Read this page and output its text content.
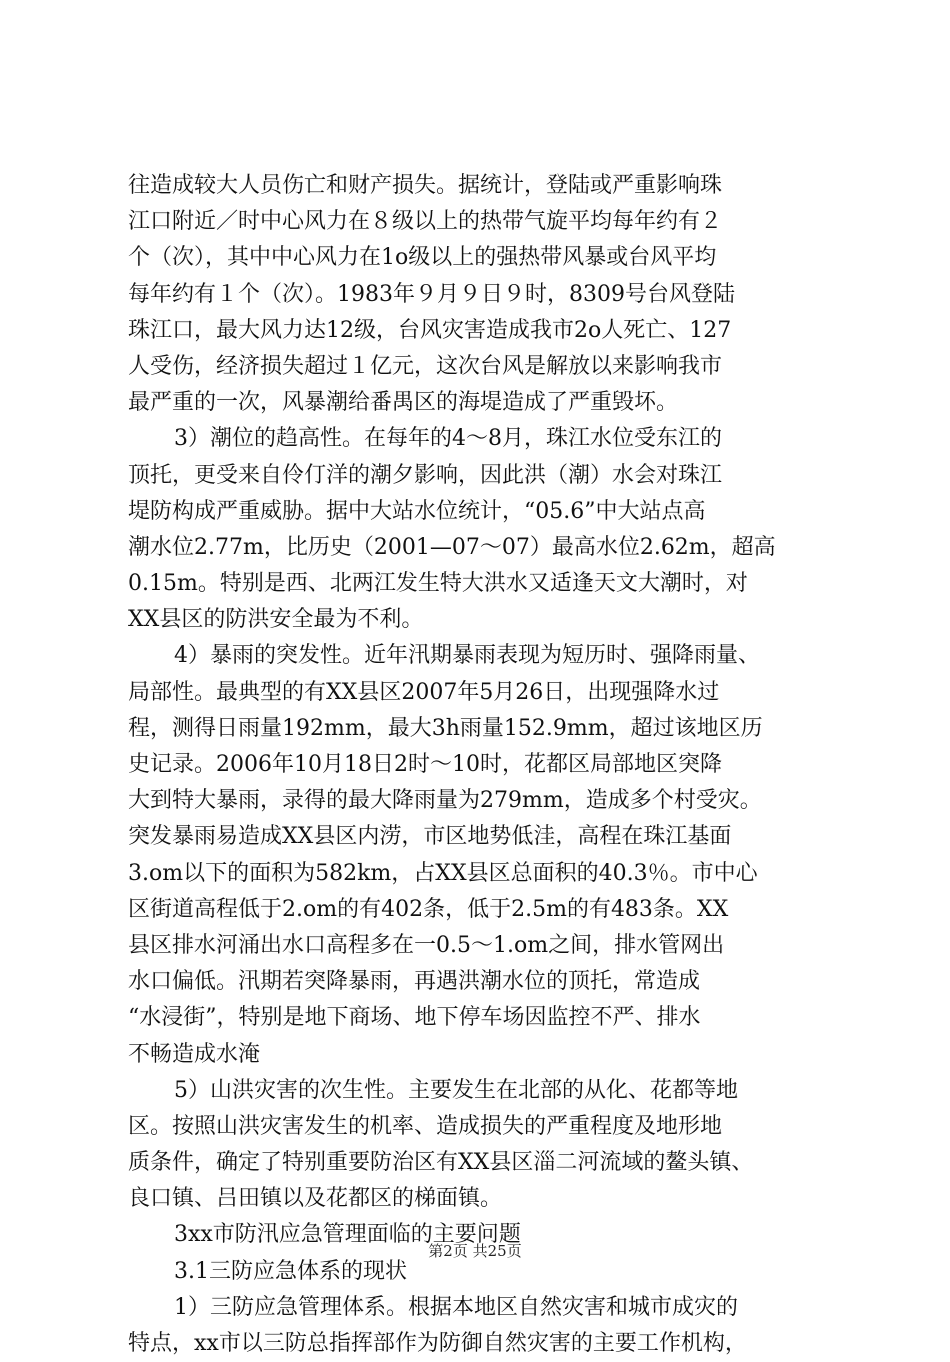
往造成较大人员伤亡和财产损失。据统计，登陆或严重影响珠
江口附近／时中心风力在８级以上的热带气旋平均每年约有２
个（次），其中中心风力在1o级以上的强热带风暴或台风平均
每年约有１个（次）。1983年９月９日９时，8309号台风登陆
珠江口，最大风力达12级，台风灾害造成我市2o人死亡、127
人受伤，经济损失超过１亿元，这次台风是解放以来影响我市
最严重的一次，风暴潮给番禺区的海堤造成了严重毁坏。
3）潮位的趋高性。在每年的4～8月，珠江水位受东江的
顶托，更受来自伶仃洋的潮夕影响，因此洪（潮）水会对珠江
堤防构成严重威胁。据中大站水位统计，“05.6”中大站点高
潮水位2.77m，比历史（2001—07～07）最高水位2.62m，超高
0.15m。特别是西、北两江发生特大洪水又适逢天文大潮时，对
XX县区的防洪安全最为不利。
4）暴雨的突发性。近年汛期暴雨表现为短历时、强降雨量、
局部性。最典型的有XX县区2007年5月26日，出现强降水过
程，测得日雨量192mm，最大3h雨量152.9mm，超过该地区历
史记录。2006年10月18日2时～10时，花都区局部地区突降
大到特大暴雨，录得的最大降雨量为279mm，造成多个村受灾。
突发暴雨易造成XX县区内涝，市区地势低洼，高程在珠江基面
3.om以下的面积为582km，占XX县区总面积的40.3％。市中心
区街道高程低于2.om的有402条，低于2.5m的有483条。XX
县区排水河涌出水口高程多在一0.5～1.om之间，排水管网出
水口偏低。汛期若突降暴雨，再遇洪潮水位的顶托，常造成
“水浸街”，特别是地下商场、地下停车场因监控不严、排水
不畅造成水淹
5）山洪灾害的次生性。主要发生在北部的从化、花都等地
区。按照山洪灾害发生的机率、造成损失的严重程度及地形地
质条件，确定了特别重要防治区有XX县区淄二河流域的鳌头镇、
良口镇、吕田镇以及花都区的梯面镇。
3xx市防汛应急管理面临的主要问题
3.1三防应急体系的现状
1）三防应急管理体系。根据本地区自然灾害和城市成灾的
特点，xx市以三防总指挥部作为防御自然灾害的主要工作机构，
第2页 共25页
